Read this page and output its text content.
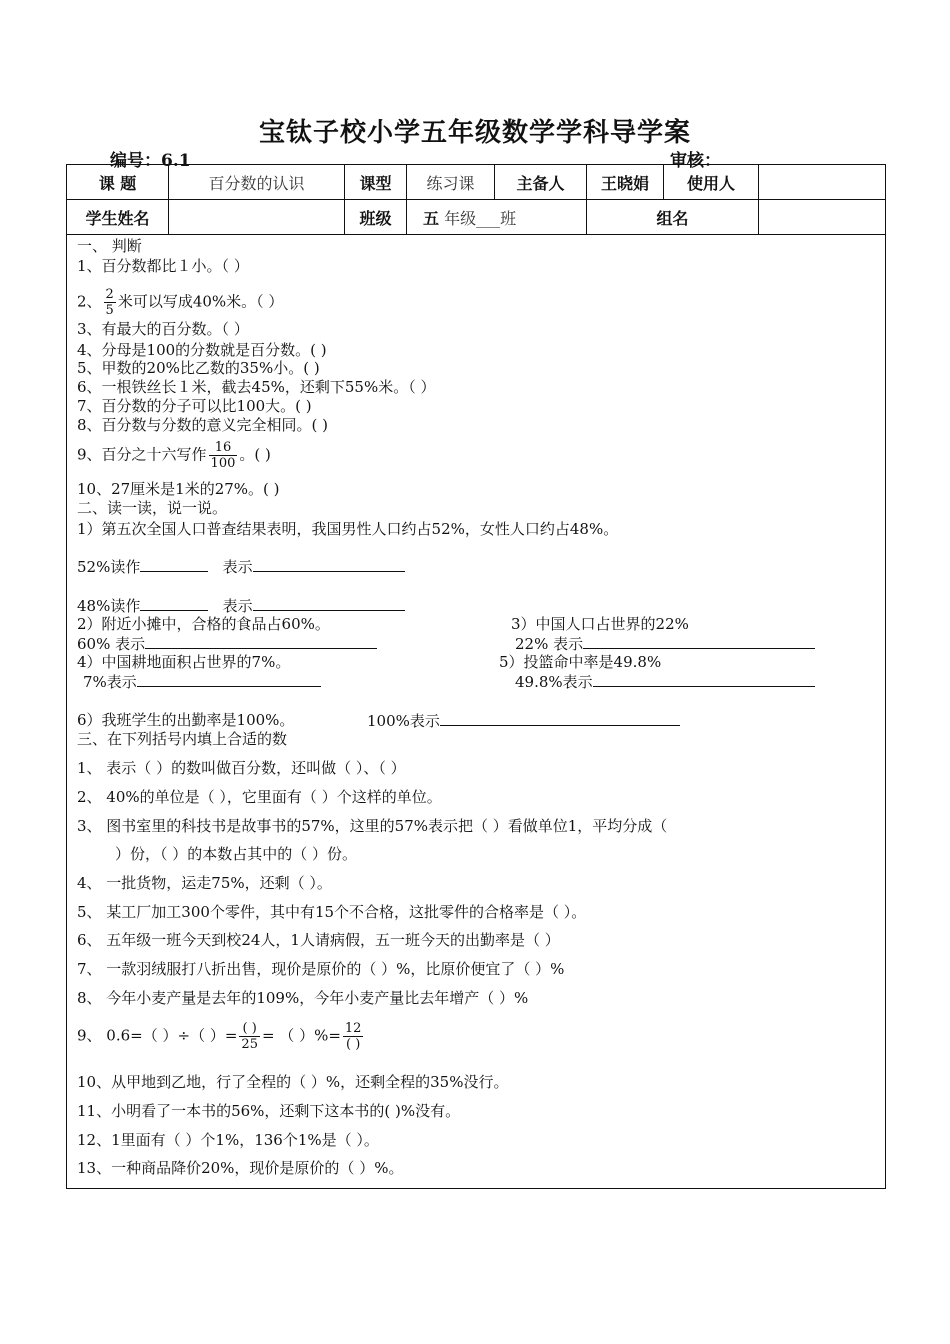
宝钛子校小学五年级数学学科导学案
编号：6.1	审核：
课 题	百分数的认识	课型	练习课	主备人	王晓娟	使用人	
学生姓名		班级	五 年级___班		组名		
一、 判断
1、百分数都比１小。（ ）
2、 $\frac{2}{5}$ 米可以写成40%米。（ ）
3、有最大的百分数。（ ）
4、分母是100的分数就是百分数。( )
5、甲数的20%比乙数的35%小。( )
6、一根铁丝长１米，截去45%，还剩下55%米。（ ）
7、百分数的分子可以比100大。( )
8、百分数与分数的意义完全相同。( )
9、百分之十六写作 $\frac{16}{100}$ 。( )
10、27厘米是1米的27%。( )
二、读一读，说一说。
1）第五次全国人口普查结果表明，我国男性人口约占52%，女性人口约占48%。
52%读作	表示
48%读作	表示
2）附近小摊中，合格的食品占60%。	3）中国人口占世界的22%
60% 表示	22% 表示
4）中国耕地面积占世界的7%。	5）投篮命中率是49.8%
7%表示	49.8%表示
6）我班学生的出勤率是100%。	100%表示
三、在下列括号内填上合适的数
1、 表示（ ）的数叫做百分数，还叫做（ ）、（ ）
2、 40%的单位是（ ），它里面有（ ）个这样的单位。
3、 图书室里的科技书是故事书的57%，这里的57%表示把（ ）看做单位1，平均分成（
）份，（ ）的本数占其中的（ ）份。
4、 一批货物，运走75%，还剩（ ）。
5、 某工厂加工300个零件，其中有15个不合格，这批零件的合格率是（ ）。
6、 五年级一班今天到校24人，1人请病假，五一班今天的出勤率是（ ）
7、 一款羽绒服打八折出售，现价是原价的（ ）%，比原价便宜了（ ）%
8、 今年小麦产量是去年的109%，今年小麦产量比去年增产（ ）%
9、 0.6=（ ）÷（ ）= $\frac{( )}{25}$ = （ ）%= $\frac{12}{( )}$
10、从甲地到乙地，行了全程的（ ）%，还剩全程的35%没行。
11、小明看了一本书的56%，还剩下这本书的( )%没有。
12、1里面有（ ）个1%，136个1%是（ ）。
13、一种商品降价20%，现价是原价的（ ）%。
